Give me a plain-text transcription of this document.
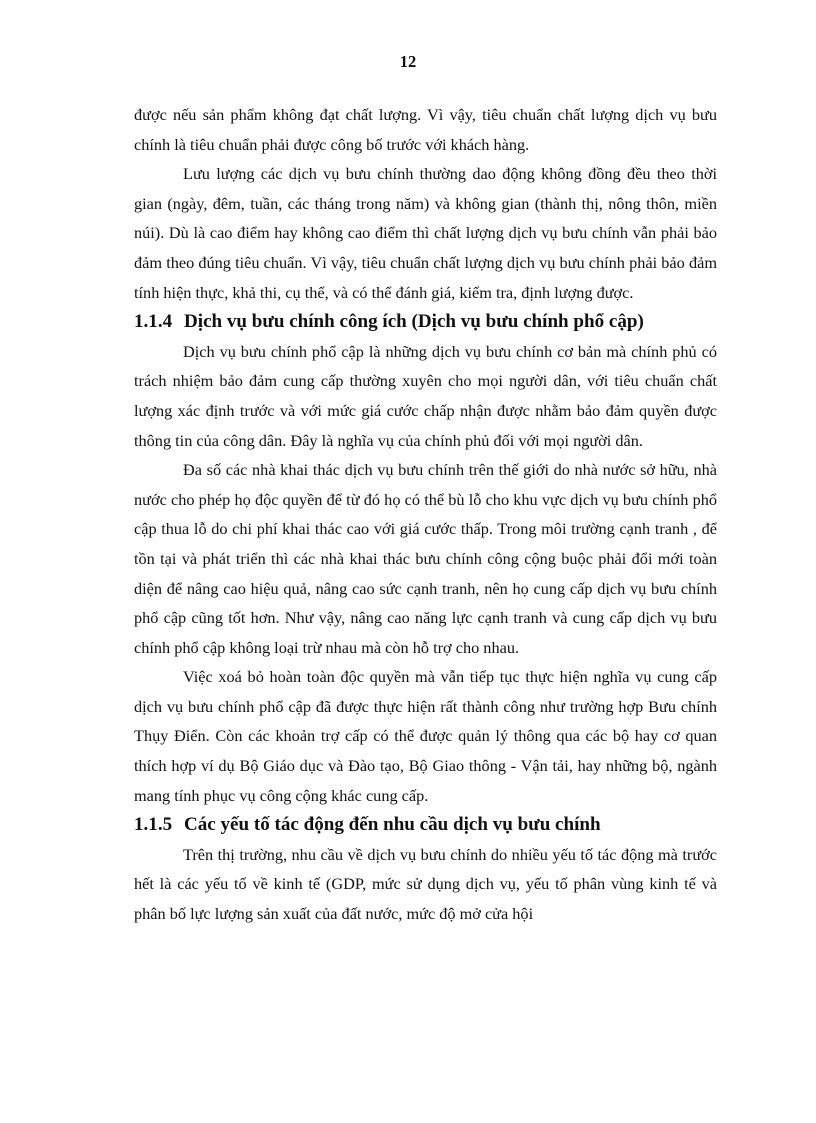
12

được nếu sản phẩm không đạt chất lượng. Vì vậy, tiêu chuẩn chất lượng dịch vụ bưu chính là tiêu chuẩn phải được công bố trước với khách hàng.

Lưu lượng các dịch vụ bưu chính thường dao động không đồng đều theo thời gian (ngày, đêm, tuần, các tháng trong năm) và không gian (thành thị, nông thôn, miền núi). Dù là cao điểm hay không cao điểm thì chất lượng dịch vụ bưu chính vẫn phải bảo đảm theo đúng tiêu chuẩn. Vì vậy, tiêu chuẩn chất lượng dịch vụ bưu chính phải bảo đảm tính hiện thực, khả thi, cụ thể, và có thể đánh giá, kiểm tra, định lượng được.

1.1.4 Dịch vụ bưu chính công ích (Dịch vụ bưu chính phổ cập)

Dịch vụ bưu chính phổ cập là những dịch vụ bưu chính cơ bản mà chính phủ có trách nhiệm bảo đảm cung cấp thường xuyên cho mọi người dân, với tiêu chuẩn chất lượng xác định trước và với mức giá cước chấp nhận được nhằm bảo đảm quyền được thông tin của công dân. Đây là nghĩa vụ của chính phủ đối với mọi người dân.

Đa số các nhà khai thác dịch vụ bưu chính trên thế giới do nhà nước sở hữu, nhà nước cho phép họ độc quyền để từ đó họ có thể bù lỗ cho khu vực dịch vụ bưu chính phổ cập thua lỗ do chi phí khai thác cao với giá cước thấp. Trong môi trường cạnh tranh , để tồn tại và phát triển thì các nhà khai thác bưu chính công cộng buộc phải đổi mới toàn diện để nâng cao hiệu quả, nâng cao sức cạnh tranh, nên họ cung cấp dịch vụ bưu chính phổ cập cũng tốt hơn. Như vậy, nâng cao năng lực cạnh tranh và cung cấp dịch vụ bưu chính phổ cập không loại trừ nhau mà còn hỗ trợ cho nhau.

Việc xoá bỏ hoàn toàn độc quyền mà vẫn tiếp tục thực hiện nghĩa vụ cung cấp dịch vụ bưu chính phổ cập đã được thực hiện rất thành công như trường hợp Bưu chính Thụy Điển. Còn các khoản trợ cấp có thể được quản lý thông qua các bộ hay cơ quan thích hợp ví dụ Bộ Giáo dục và Đào tạo, Bộ Giao thông - Vận tải, hay những bộ, ngành mang tính phục vụ công cộng khác cung cấp.

1.1.5 Các yếu tố tác động đến nhu cầu dịch vụ bưu chính

Trên thị trường, nhu cầu về dịch vụ bưu chính do nhiều yếu tố tác động mà trước hết là các yếu tố về kinh tế (GDP, mức sử dụng dịch vụ, yếu tố phân vùng kinh tế và phân bố lực lượng sản xuất của đất nước, mức độ mở cửa hội
